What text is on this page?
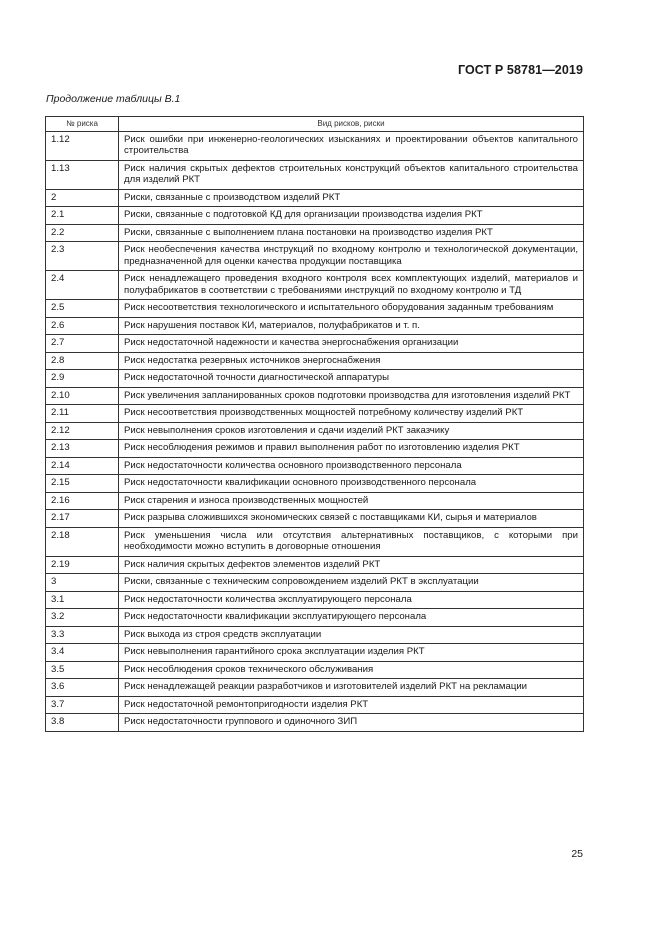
ГОСТ Р 58781—2019
Продолжение таблицы В.1
№ риска	Вид рисков, риски
1.12	Риск ошибки при инженерно-геологических изысканиях и проектировании объектов капитального строительства
1.13	Риск наличия скрытых дефектов строительных конструкций объектов капитального строительства для изделий РКТ
2	Риски, связанные с производством изделий РКТ
2.1	Риски, связанные с подготовкой КД для организации производства изделия РКТ
2.2	Риски, связанные с выполнением плана постановки на производство изделия РКТ
2.3	Риск необеспечения качества инструкций по входному контролю и технологической документации, предназначенной для оценки качества продукции поставщика
2.4	Риск ненадлежащего проведения входного контроля всех комплектующих изделий, материалов и полуфабрикатов в соответствии с требованиями инструкций по входному контролю и ТД
2.5	Риск несоответствия технологического и испытательного оборудования заданным требованиям
2.6	Риск нарушения поставок КИ, материалов, полуфабрикатов и т. п.
2.7	Риск недостаточной надежности и качества энергоснабжения организации
2.8	Риск недостатка резервных источников энергоснабжения
2.9	Риск недостаточной точности диагностической аппаратуры
2.10	Риск увеличения запланированных сроков подготовки производства для изготовления изделий РКТ
2.11	Риск несоответствия производственных мощностей потребному количеству изделий РКТ
2.12	Риск невыполнения сроков изготовления и сдачи изделий РКТ заказчику
2.13	Риск несоблюдения режимов и правил выполнения работ по изготовлению изделия РКТ
2.14	Риск недостаточности количества основного производственного персонала
2.15	Риск недостаточности квалификации основного производственного персонала
2.16	Риск старения и износа производственных мощностей
2.17	Риск разрыва сложившихся экономических связей с поставщиками КИ, сырья и материалов
2.18	Риск уменьшения числа или отсутствия альтернативных поставщиков, с которыми при необходимости можно вступить в договорные отношения
2.19	Риск наличия скрытых дефектов элементов изделий РКТ
3	Риски, связанные с техническим сопровождением изделий РКТ в эксплуатации
3.1	Риск недостаточности количества эксплуатирующего персонала
3.2	Риск недостаточности квалификации эксплуатирующего персонала
3.3	Риск выхода из строя средств эксплуатации
3.4	Риск невыполнения гарантийного срока эксплуатации изделия РКТ
3.5	Риск несоблюдения сроков технического обслуживания
3.6	Риск ненадлежащей реакции разработчиков и изготовителей изделий РКТ на рекламации
3.7	Риск недостаточной ремонтопригодности изделия РКТ
3.8	Риск недостаточности группового и одиночного ЗИП
25
